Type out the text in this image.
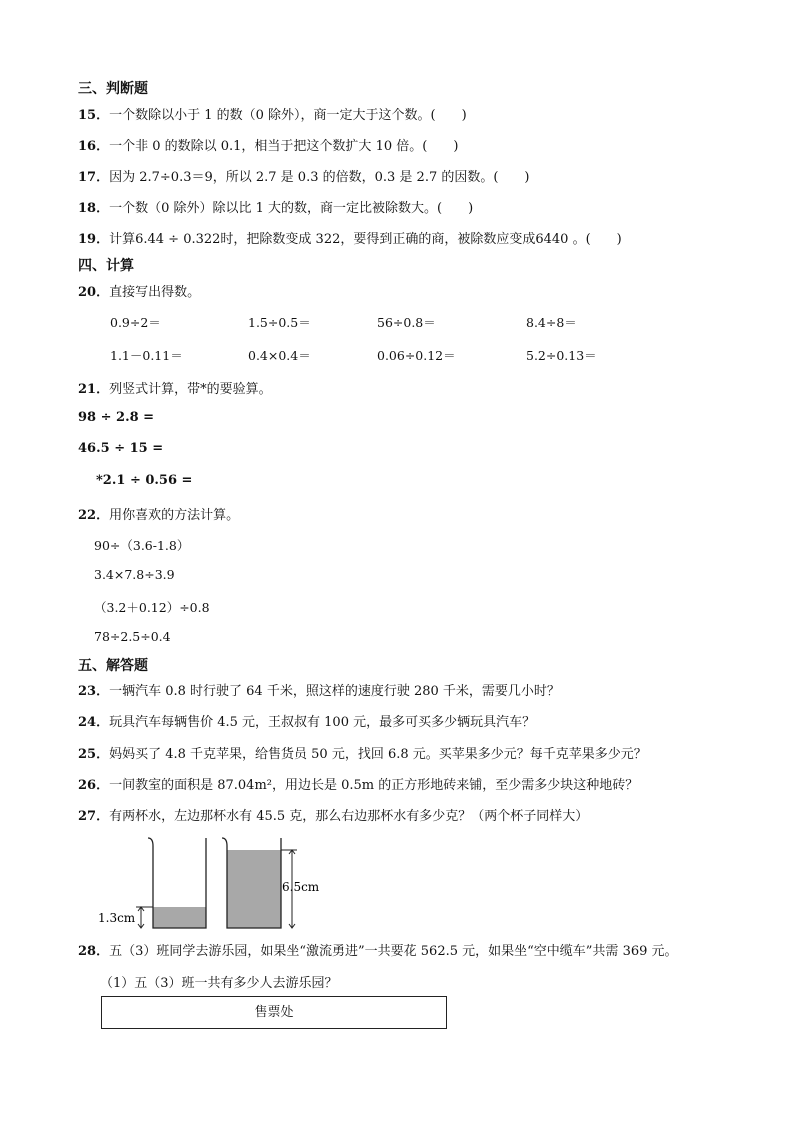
三、判断题
15．一个数除以小于 1 的数（0 除外），商一定大于这个数。(　　)
16．一个非 0 的数除以 0.1，相当于把这个数扩大 10 倍。(　　)
17．因为 2.7÷0.3＝9，所以 2.7 是 0.3 的倍数，0.3 是 2.7 的因数。(　　)
18．一个数（0 除外）除以比 1 大的数，商一定比被除数大。(　　)
19．计算6.44 ÷ 0.322时，把除数变成 322，要得到正确的商，被除数应变成6440 。(　　)
四、计算
20．直接写出得数。
0.9÷2＝	1.5÷0.5＝	56÷0.8＝	8.4÷8＝
1.1－0.11＝	0.4×0.4＝	0.06÷0.12＝	5.2÷0.13＝
21．列竖式计算，带*的要验算。
98 ÷ 2.8 =
46.5 ÷ 15 =
*2.1 ÷ 0.56 =
22．用你喜欢的方法计算。
90÷（3.6-1.8）
3.4×7.8÷3.9
（3.2＋0.12）÷0.8
78÷2.5÷0.4
五、解答题
23．一辆汽车 0.8 时行驶了 64 千米，照这样的速度行驶 280 千米，需要几小时？
24．玩具汽车每辆售价 4.5 元，王叔叔有 100 元，最多可买多少辆玩具汽车？
25．妈妈买了 4.8 千克苹果，给售货员 50 元，找回 6.8 元。买苹果多少元？每千克苹果多少元？
26．一间教室的面积是 87.04m²，用边长是 0.5m 的正方形地砖来铺，至少需多少块这种地砖？
27．有两杯水，左边那杯水有 45.5 克，那么右边那杯水有多少克？（两个杯子同样大）
1.3cm
6.5cm
28．五（3）班同学去游乐园，如果坐“激流勇进”一共要花 562.5 元，如果坐“空中缆车”共需 369 元。
（1）五（3）班一共有多少人去游乐园？
售票处
